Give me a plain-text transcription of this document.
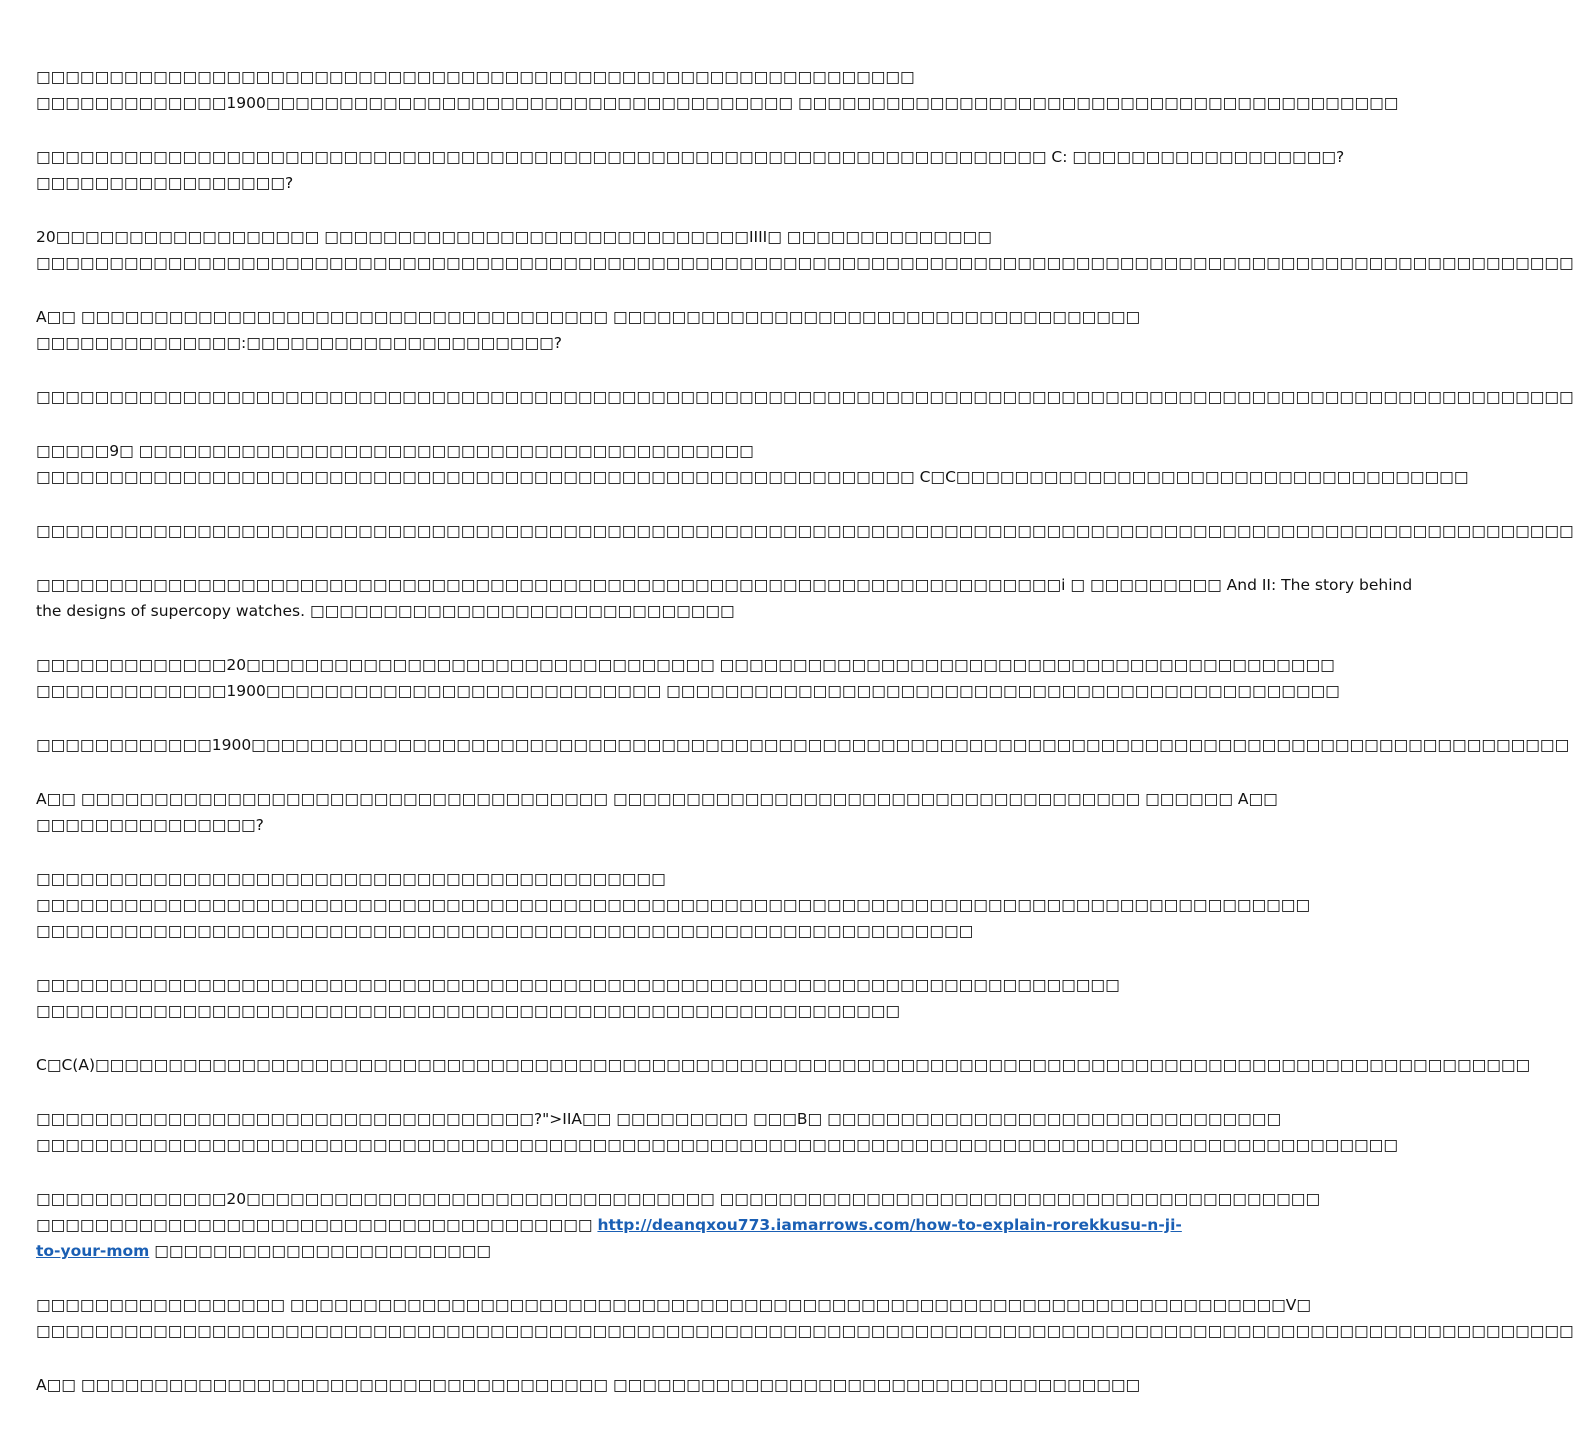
□□□□□□□□□□□□□□□□□□□□□□□□□□□□□□□□□□□□□□□□□□□□□□□□□□□□□□□□□□□□
□□□□□□□□□□□□□1900□□□□□□□□□□□□□□□□□□□□□□□□□□□□□□□□□□□□ □□□□□□□□□□□□□□□□□□□□□□□□□□□□□□□□□□□□□□□□□
□□□□□□□□□□□□□□□□□□□□□□□□□□□□□□□□□□□□□□□□□□□□□□□□□□□□□□□□□□□□□□□□□□□□□ C: □□□□□□□□□□□□□□□□□□?
□□□□□□□□□□□□□□□□□?
20□□□□□□□□□□□□□□□□□□ □□□□□□□□□□□□□□□□□□□□□□□□□□□□□IIII□ □□□□□□□□□□□□□□
□□□□□□□□□□□□□□□□□□□□□□□□□□□□□□□□□□□□□□□□□□□□□□□□□□□□□□□□□□□□□□□□□□□□□□□□□□□□□□□□□□□□□□□□□□□□□□□□□□□□□□□□□
A□□ □□□□□□□□□□□□□□□□□□□□□□□□□□□□□□□□□□□□ □□□□□□□□□□□□□□□□□□□□□□□□□□□□□□□□□□□□
□□□□□□□□□□□□□□:□□□□□□□□□□□□□□□□□□□□□?
□□□□□□□□□□□□□□□□□□□□□□□□□□□□□□□□□□□□□□□□□□□□□□□□□□□□□□□□□□□□□□□□□□□□□□□□□□□□□□□□□□□□□□□□□□□□□□□□□□□□□□□□□
□□□□□9□ □□□□□□□□□□□□□□□□□□□□□□□□□□□□□□□□□□□□□□□□□□
□□□□□□□□□□□□□□□□□□□□□□□□□□□□□□□□□□□□□□□□□□□□□□□□□□□□□□□□□□□□ C□C□□□□□□□□□□□□□□□□□□□□□□□□□□□□□□□□□□□
□□□□□□□□□□□□□□□□□□□□□□□□□□□□□□□□□□□□□□□□□□□□□□□□□□□□□□□□□□□□□□□□□□□□□□□□□□□□□□□□□□□□□□□□□□□□□□□□□□□□□□□□□
□□□□□□□□□□□□□□□□□□□□□□□□□□□□□□□□□□□□□□□□□□□□□□□□□□□□□□□□□□□□□□□□□□□□□□i □ □□□□□□□□□ And II: The story behind
the designs of supercopy watches. □□□□□□□□□□□□□□□□□□□□□□□□□□□□□
□□□□□□□□□□□□□20□□□□□□□□□□□□□□□□□□□□□□□□□□□□□□□□ □□□□□□□□□□□□□□□□□□□□□□□□□□□□□□□□□□□□□□□□□□
□□□□□□□□□□□□□1900□□□□□□□□□□□□□□□□□□□□□□□□□□□ □□□□□□□□□□□□□□□□□□□□□□□□□□□□□□□□□□□□□□□□□□□□□□
□□□□□□□□□□□□1900□□□□□□□□□□□□□□□□□□□□□□□□□□□□□□□□□□□□□□□□□□□□□□□□□□□□□□□□□□□□□□□□□□□□□□□□□□□□□□□□□□□□□□□□□□
A□□ □□□□□□□□□□□□□□□□□□□□□□□□□□□□□□□□□□□□ □□□□□□□□□□□□□□□□□□□□□□□□□□□□□□□□□□□□ □□□□□□ A□□
□□□□□□□□□□□□□□□?
□□□□□□□□□□□□□□□□□□□□□□□□□□□□□□□□□□□□□□□□□□□
□□□□□□□□□□□□□□□□□□□□□□□□□□□□□□□□□□□□□□□□□□□□□□□□□□□□□□□□□□□□□□□□□□□□□□□□□□□□□□□□□□□□□□□
□□□□□□□□□□□□□□□□□□□□□□□□□□□□□□□□□□□□□□□□□□□□□□□□□□□□□□□□□□□□□□□□
□□□□□□□□□□□□□□□□□□□□□□□□□□□□□□□□□□□□□□□□□□□□□□□□□□□□□□□□□□□□□□□□□□□□□□□□□□
□□□□□□□□□□□□□□□□□□□□□□□□□□□□□□□□□□□□□□□□□□□□□□□□□□□□□□□□□□□
C□C(A)□□□□□□□□□□□□□□□□□□□□□□□□□□□□□□□□□□□□□□□□□□□□□□□□□□□□□□□□□□□□□□□□□□□□□□□□□□□□□□□□□□□□□□□□□□□□□□□□□□
□□□□□□□□□□□□□□□□□□□□□□□□□□□□□□□□□□?">IIA□□ □□□□□□□□□ □□□B□ □□□□□□□□□□□□□□□□□□□□□□□□□□□□□□□
□□□□□□□□□□□□□□□□□□□□□□□□□□□□□□□□□□□□□□□□□□□□□□□□□□□□□□□□□□□□□□□□□□□□□□□□□□□□□□□□□□□□□□□□□□□□□
□□□□□□□□□□□□□20□□□□□□□□□□□□□□□□□□□□□□□□□□□□□□□□ □□□□□□□□□□□□□□□□□□□□□□□□□□□□□□□□□□□□□□□□□
□□□□□□□□□□□□□□□□□□□□□□□□□□□□□□□□□□□□□□ http://deanqxou773.iamarrows.com/how-to-explain-rorekkusu-n-ji-
to-your-mom □□□□□□□□□□□□□□□□□□□□□□□
□□□□□□□□□□□□□□□□□ □□□□□□□□□□□□□□□□□□□□□□□□□□□□□□□□□□□□□□□□□□□□□□□□□□□□□□□□□□□□□□□□□□□□V□
□□□□□□□□□□□□□□□□□□□□□□□□□□□□□□□□□□□□□□□□□□□□□□□□□□□□□□□□□□□□□□□□□□□□□□□□□□□□□□□□□□□□□□□□□□□□□□□□□□□□□□□□□
A□□ □□□□□□□□□□□□□□□□□□□□□□□□□□□□□□□□□□□□ □□□□□□□□□□□□□□□□□□□□□□□□□□□□□□□□□□□□
